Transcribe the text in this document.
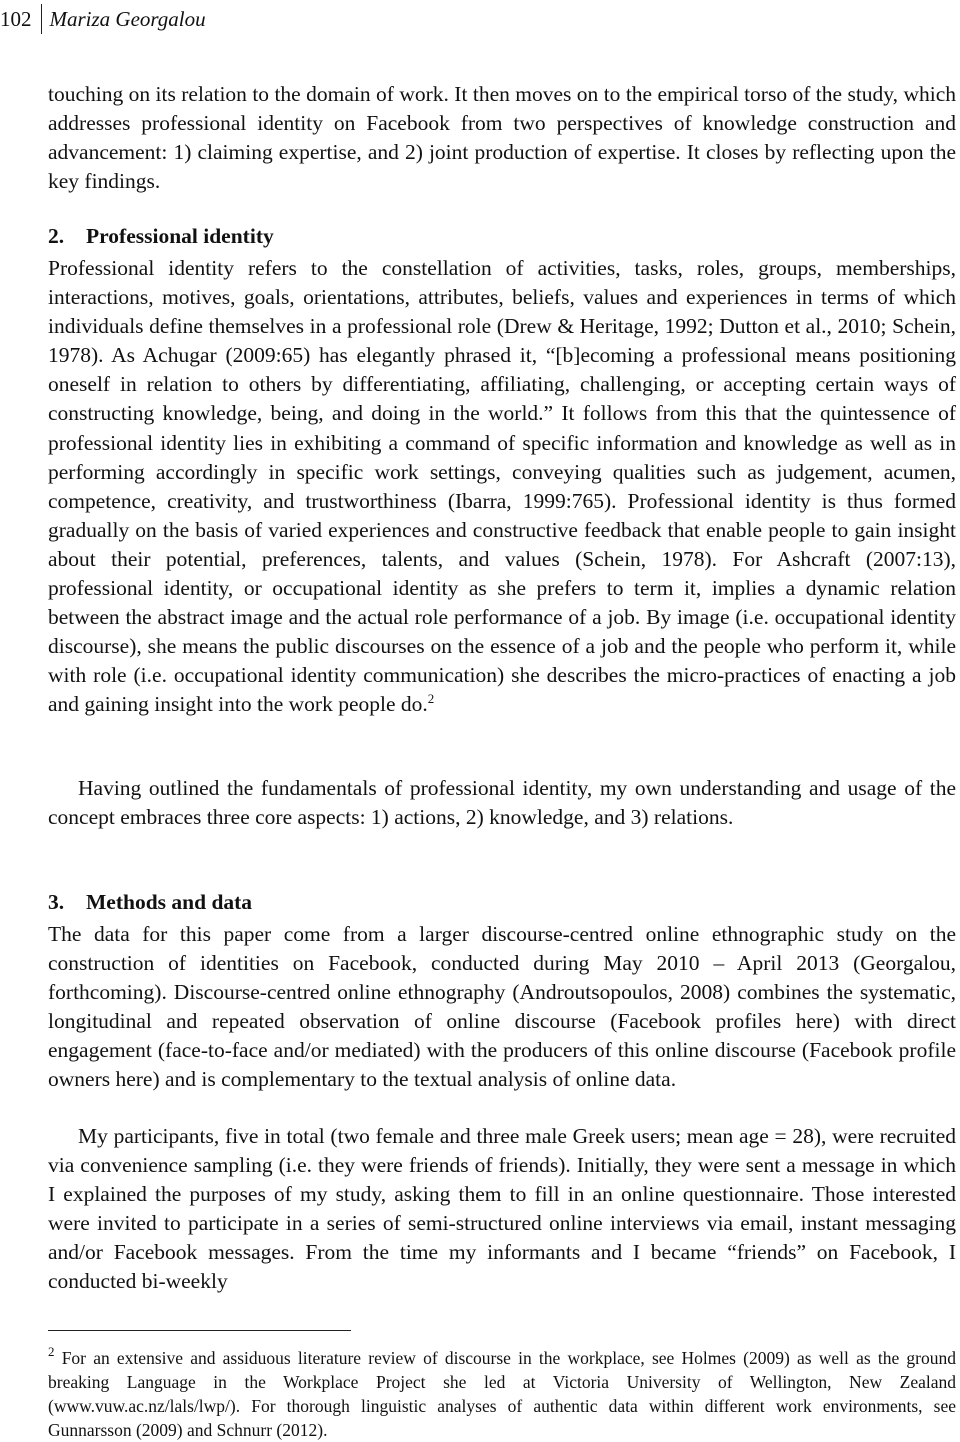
102 Mariza Georgalou

touching on its relation to the domain of work. It then moves on to the empirical torso of the study, which addresses professional identity on Facebook from two perspectives of knowledge construction and advancement: 1) claiming expertise, and 2) joint production of expertise. It closes by reflecting upon the key findings.

2. Professional identity

Professional identity refers to the constellation of activities, tasks, roles, groups, memberships, interactions, motives, goals, orientations, attributes, beliefs, values and experiences in terms of which individuals define themselves in a professional role (Drew & Heritage, 1992; Dutton et al., 2010; Schein, 1978). As Achugar (2009:65) has elegantly phrased it, “[b]ecoming a professional means positioning oneself in relation to others by differentiating, affiliating, challenging, or accepting certain ways of constructing knowledge, being, and doing in the world.” It follows from this that the quintessence of professional identity lies in exhibiting a command of specific information and knowledge as well as in performing accordingly in specific work settings, conveying qualities such as judgement, acumen, competence, creativity, and trustworthiness (Ibarra, 1999:765). Professional identity is thus formed gradually on the basis of varied experiences and constructive feedback that enable people to gain insight about their potential, preferences, talents, and values (Schein, 1978). For Ashcraft (2007:13), professional identity, or occupational identity as she prefers to term it, implies a dynamic relation between the abstract image and the actual role performance of a job. By image (i.e. occupational identity discourse), she means the public discourses on the essence of a job and the people who perform it, while with role (i.e. occupational identity communication) she describes the micro-practices of enacting a job and gaining insight into the work people do.$^2$

Having outlined the fundamentals of professional identity, my own understanding and usage of the concept embraces three core aspects: 1) actions, 2) knowledge, and 3) relations.

3. Methods and data

The data for this paper come from a larger discourse-centred online ethnographic study on the construction of identities on Facebook, conducted during May 2010 – April 2013 (Georgalou, forthcoming). Discourse-centred online ethnography (Androutsopoulos, 2008) combines the systematic, longitudinal and repeated observation of online discourse (Facebook profiles here) with direct engagement (face-to-face and/or mediated) with the producers of this online discourse (Facebook profile owners here) and is complementary to the textual analysis of online data.

My participants, five in total (two female and three male Greek users; mean age = 28), were recruited via convenience sampling (i.e. they were friends of friends). Initially, they were sent a message in which I explained the purposes of my study, asking them to fill in an online questionnaire. Those interested were invited to participate in a series of semi-structured online interviews via email, instant messaging and/or Facebook messages. From the time my informants and I became “friends” on Facebook, I conducted bi-weekly

$^2$ For an extensive and assiduous literature review of discourse in the workplace, see Holmes (2009) as well as the ground breaking Language in the Workplace Project she led at Victoria University of Wellington, New Zealand (www.vuw.ac.nz/lals/lwp/). For thorough linguistic analyses of authentic data within different work environments, see Gunnarsson (2009) and Schnurr (2012).
